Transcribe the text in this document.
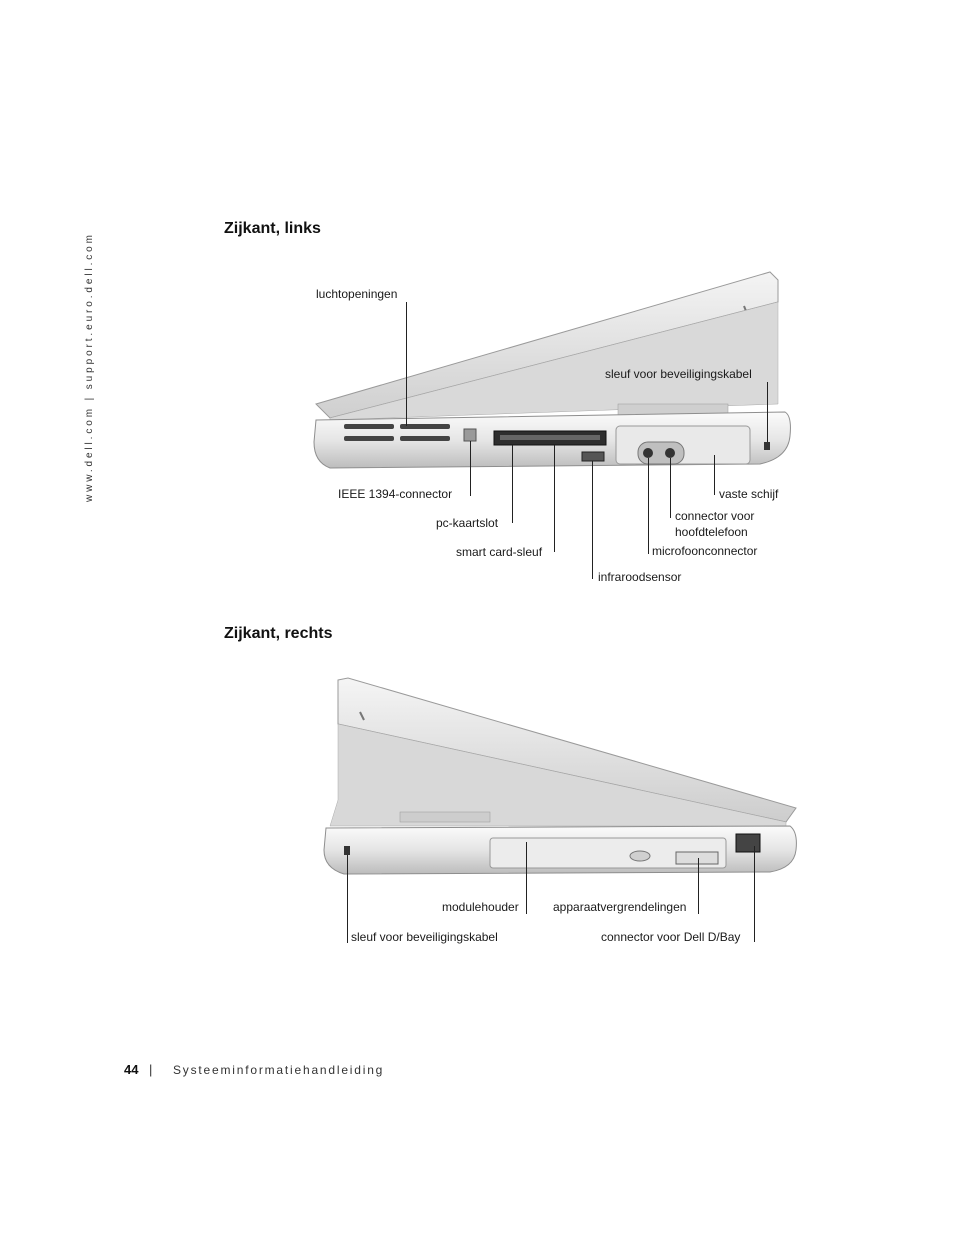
www.dell.com | support.euro.dell.com
Zijkant, links
luchtopeningen
sleuf voor beveiligingskabel
IEEE 1394-connector
pc-kaartslot
smart card-sleuf
infraroodsensor
vaste schijf
connector voor hoofdtelefoon
microfoonconnector
Zijkant, rechts
modulehouder	apparaatvergrendelingen
sleuf voor beveiligingskabel	connector voor Dell D/Bay
44 | Systeeminformatiehandleiding
